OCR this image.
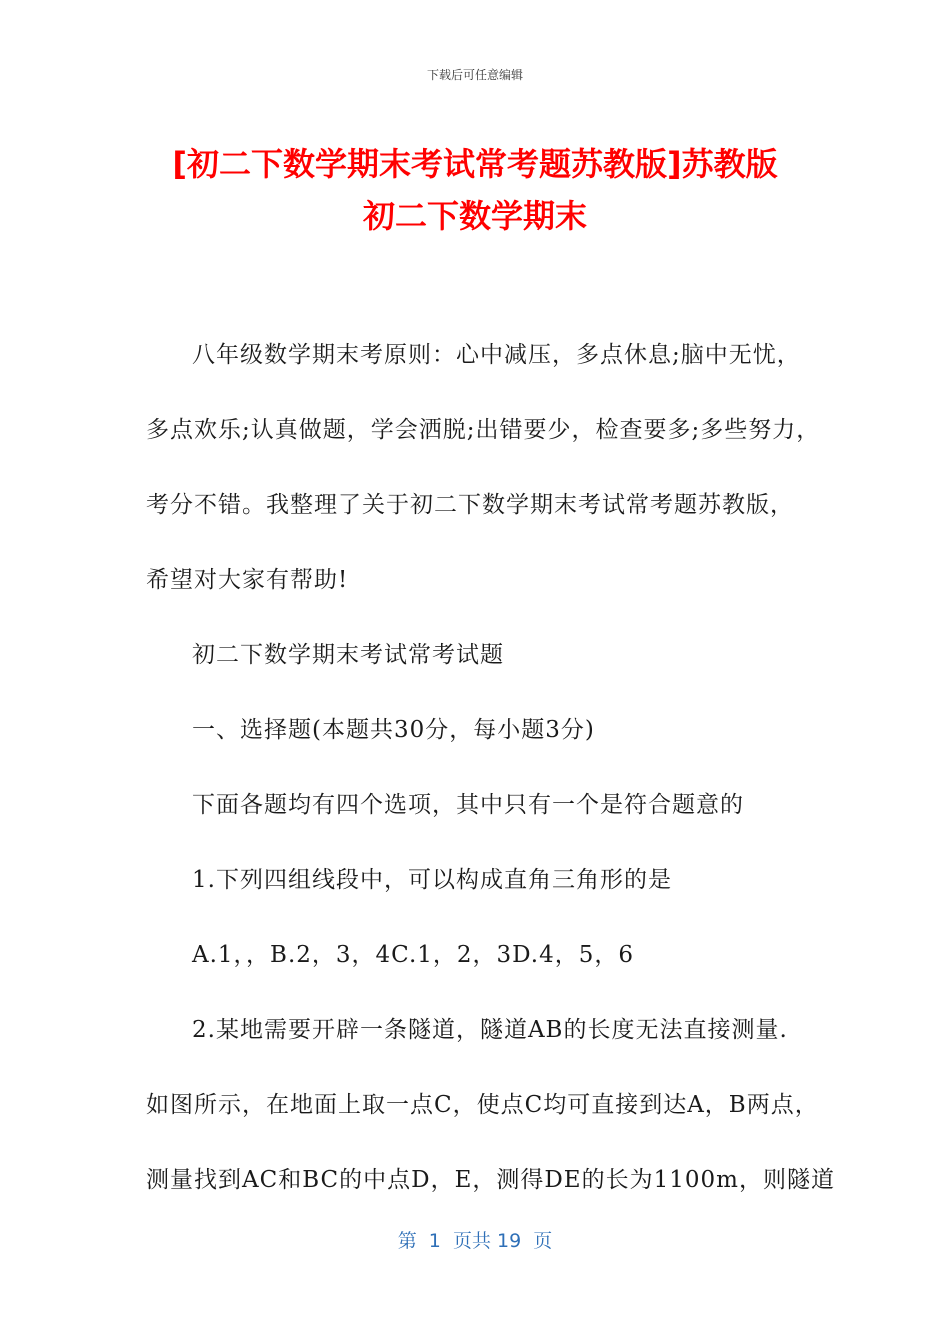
下载后可任意编辑
[初二下数学期末考试常考题苏教版]苏教版
初二下数学期末

八年级数学期末考原则：心中减压，多点休息;脑中无忧，

多点欢乐;认真做题，学会洒脱;出错要少，检查要多;多些努力，

考分不错。我整理了关于初二下数学期末考试常考题苏教版，

希望对大家有帮助!

初二下数学期末考试常考试题

一、选择题(本题共30分，每小题3分)

下面各题均有四个选项，其中只有一个是符合题意的

1.下列四组线段中，可以构成直角三角形的是

A.1，，B.2，3，4C.1，2，3D.4，5，6

2.某地需要开辟一条隧道，隧道AB的长度无法直接测量.

如图所示，在地面上取一点C，使点C均可直接到达A，B两点，

测量找到AC和BC的中点D，E，测得DE的长为1100m，则隧道

第  1  页共 19  页
